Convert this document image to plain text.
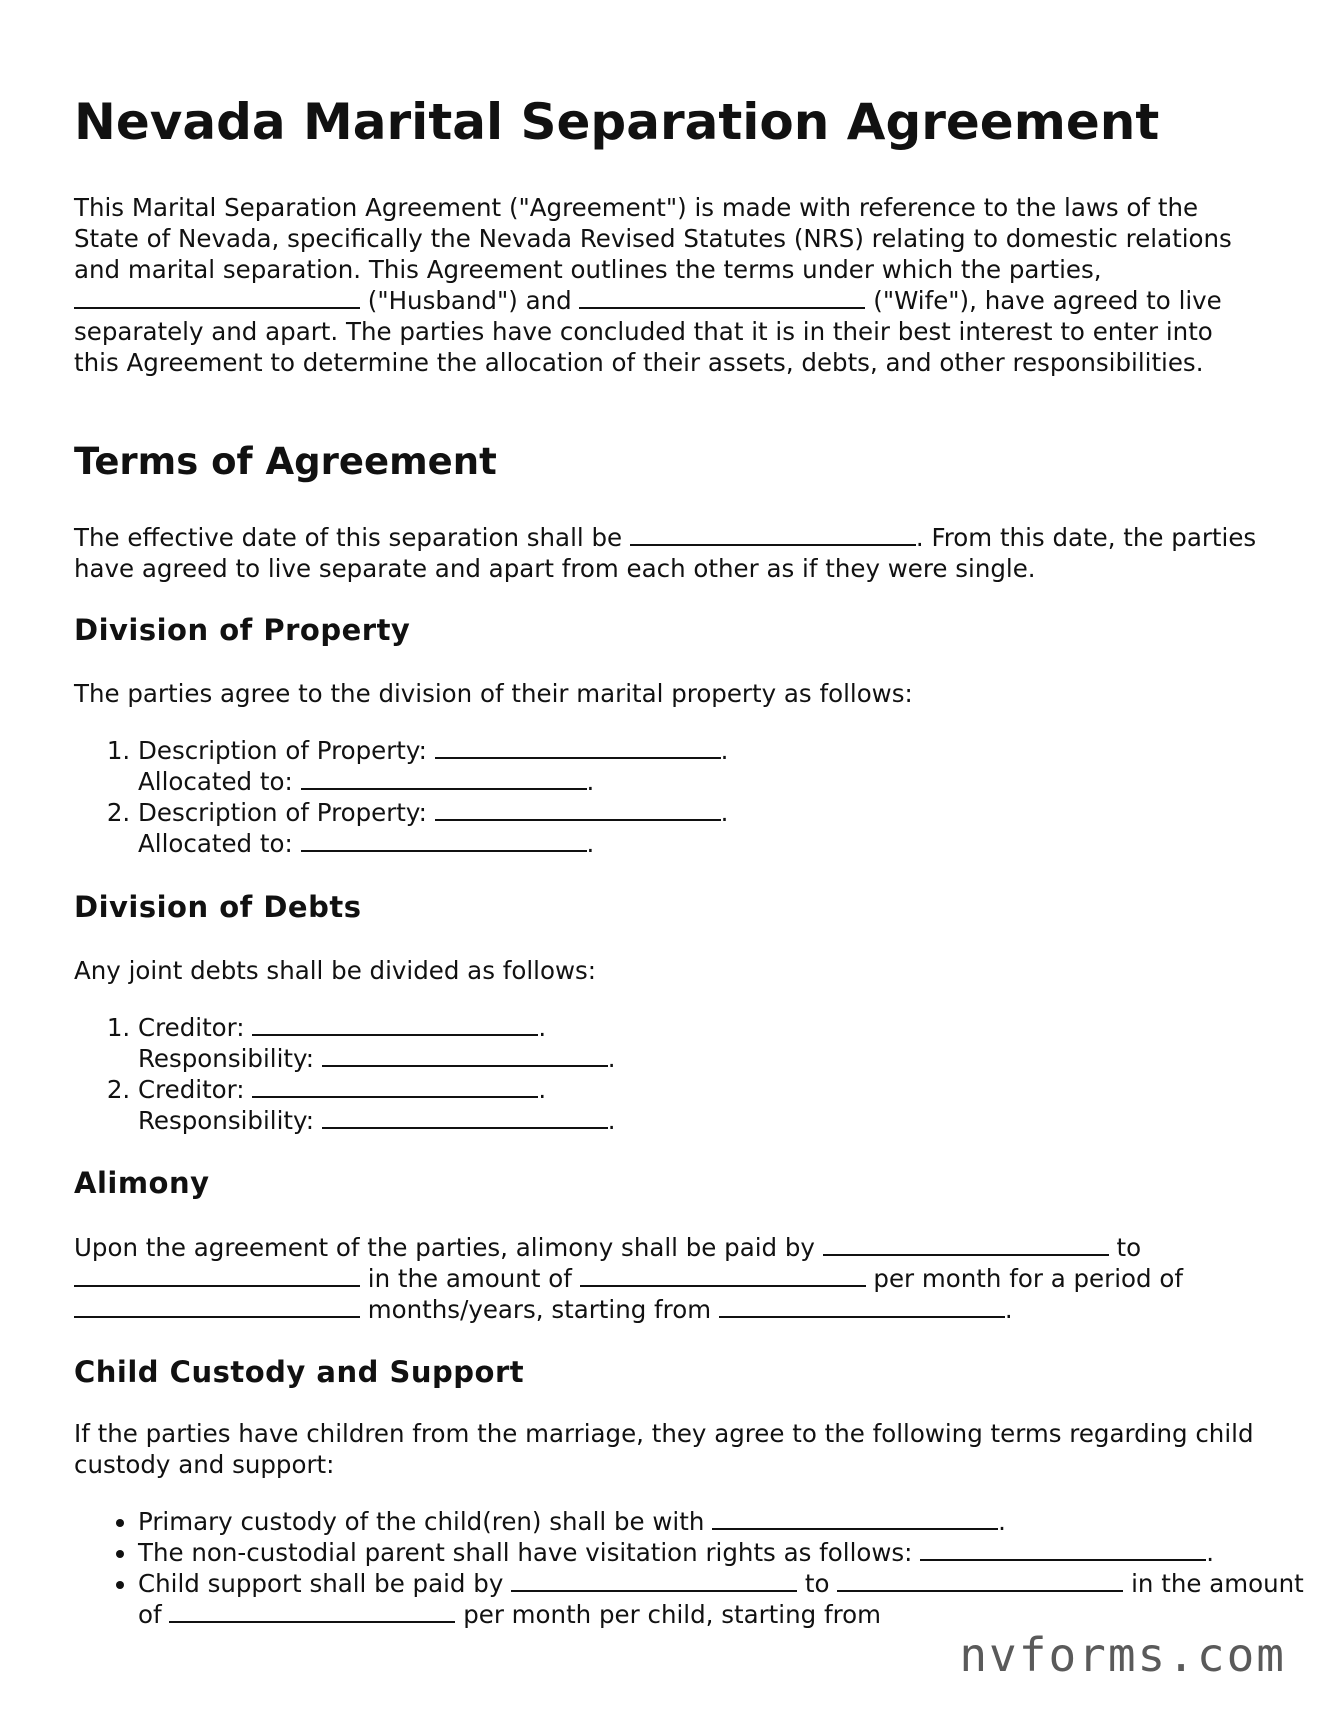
Nevada Marital Separation Agreement

This Marital Separation Agreement ("Agreement") is made with reference to the laws of the State of Nevada, specifically the Nevada Revised Statutes (NRS) relating to domestic relations and marital separation. This Agreement outlines the terms under which the parties,  ("Husband") and	("Wife"), have agreed to live separately and apart. The parties have concluded that it is in their best interest to enter into this Agreement to determine the allocation of their assets, debts, and other responsibilities.

Terms of Agreement

The effective date of this separation shall be	. From this date, the parties have agreed to live separate and apart from each other as if they were single.

Division of Property

The parties agree to the division of their marital property as follows:

1. Description of Property:	.
Allocated to:	.
2. Description of Property:	.
Allocated to:	.
Division of Debts

Any joint debts shall be divided as follows:

1. Creditor:	.
Responsibility:	.
2. Creditor:	.
Responsibility:	.
Alimony

Upon the agreement of the parties, alimony shall be paid by	to  in the amount of	per month for a period of  months/years, starting from	.

Child Custody and Support

If the parties have children from the marriage, they agree to the following terms regarding child custody and support:

• Primary custody of the child(ren) shall be with	.
• The non-custodial parent shall have visitation rights as follows:	.
• Child support shall be paid by	to	in the amount of	per month per child, starting from
nvforms.com
